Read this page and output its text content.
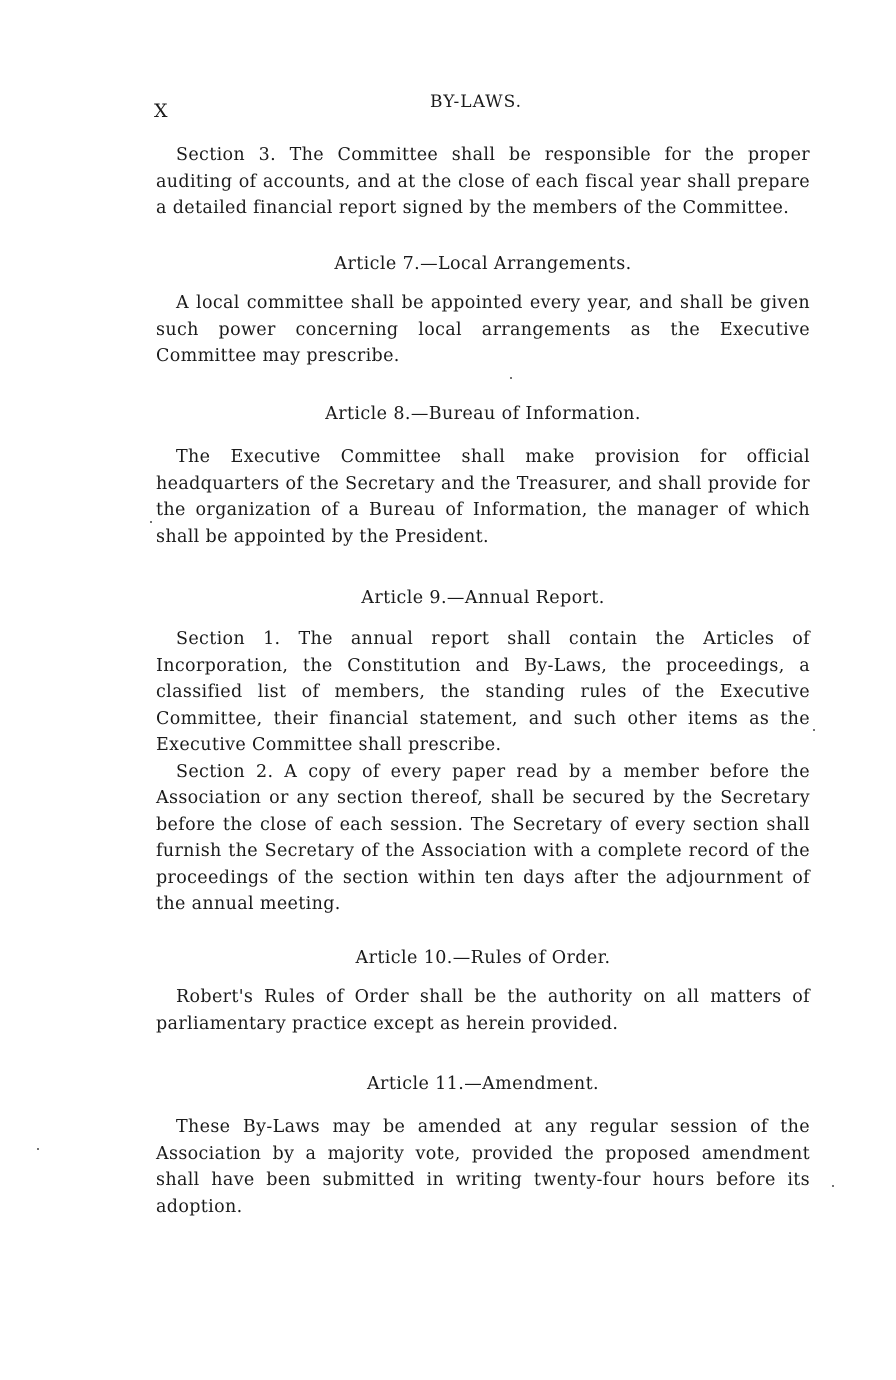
X	BY-LAWS.

Section 3. The Committee shall be responsible for the proper auditing of accounts, and at the close of each fiscal year shall prepare a detailed financial report signed by the members of the Committee.

Article 7.—Local Arrangements.

A local committee shall be appointed every year, and shall be given such power concerning local arrangements as the Executive Committee may prescribe.

Article 8.—Bureau of Information.

The Executive Committee shall make provision for official headquarters of the Secretary and the Treasurer, and shall provide for the organization of a Bureau of Information, the manager of which shall be appointed by the President.

Article 9.—Annual Report.

Section 1. The annual report shall contain the Articles of Incorporation, the Constitution and By-Laws, the proceedings, a classified list of members, the standing rules of the Executive Committee, their financial statement, and such other items as the Executive Committee shall prescribe.

Section 2. A copy of every paper read by a member before the Association or any section thereof, shall be secured by the Secretary before the close of each session. The Secretary of every section shall furnish the Secretary of the Association with a complete record of the proceedings of the section within ten days after the adjournment of the annual meeting.

Article 10.—Rules of Order.

Robert's Rules of Order shall be the authority on all matters of parliamentary practice except as herein provided.

Article 11.—Amendment.

These By-Laws may be amended at any regular session of the Association by a majority vote, provided the proposed amendment shall have been submitted in writing twenty-four hours before its adoption.
